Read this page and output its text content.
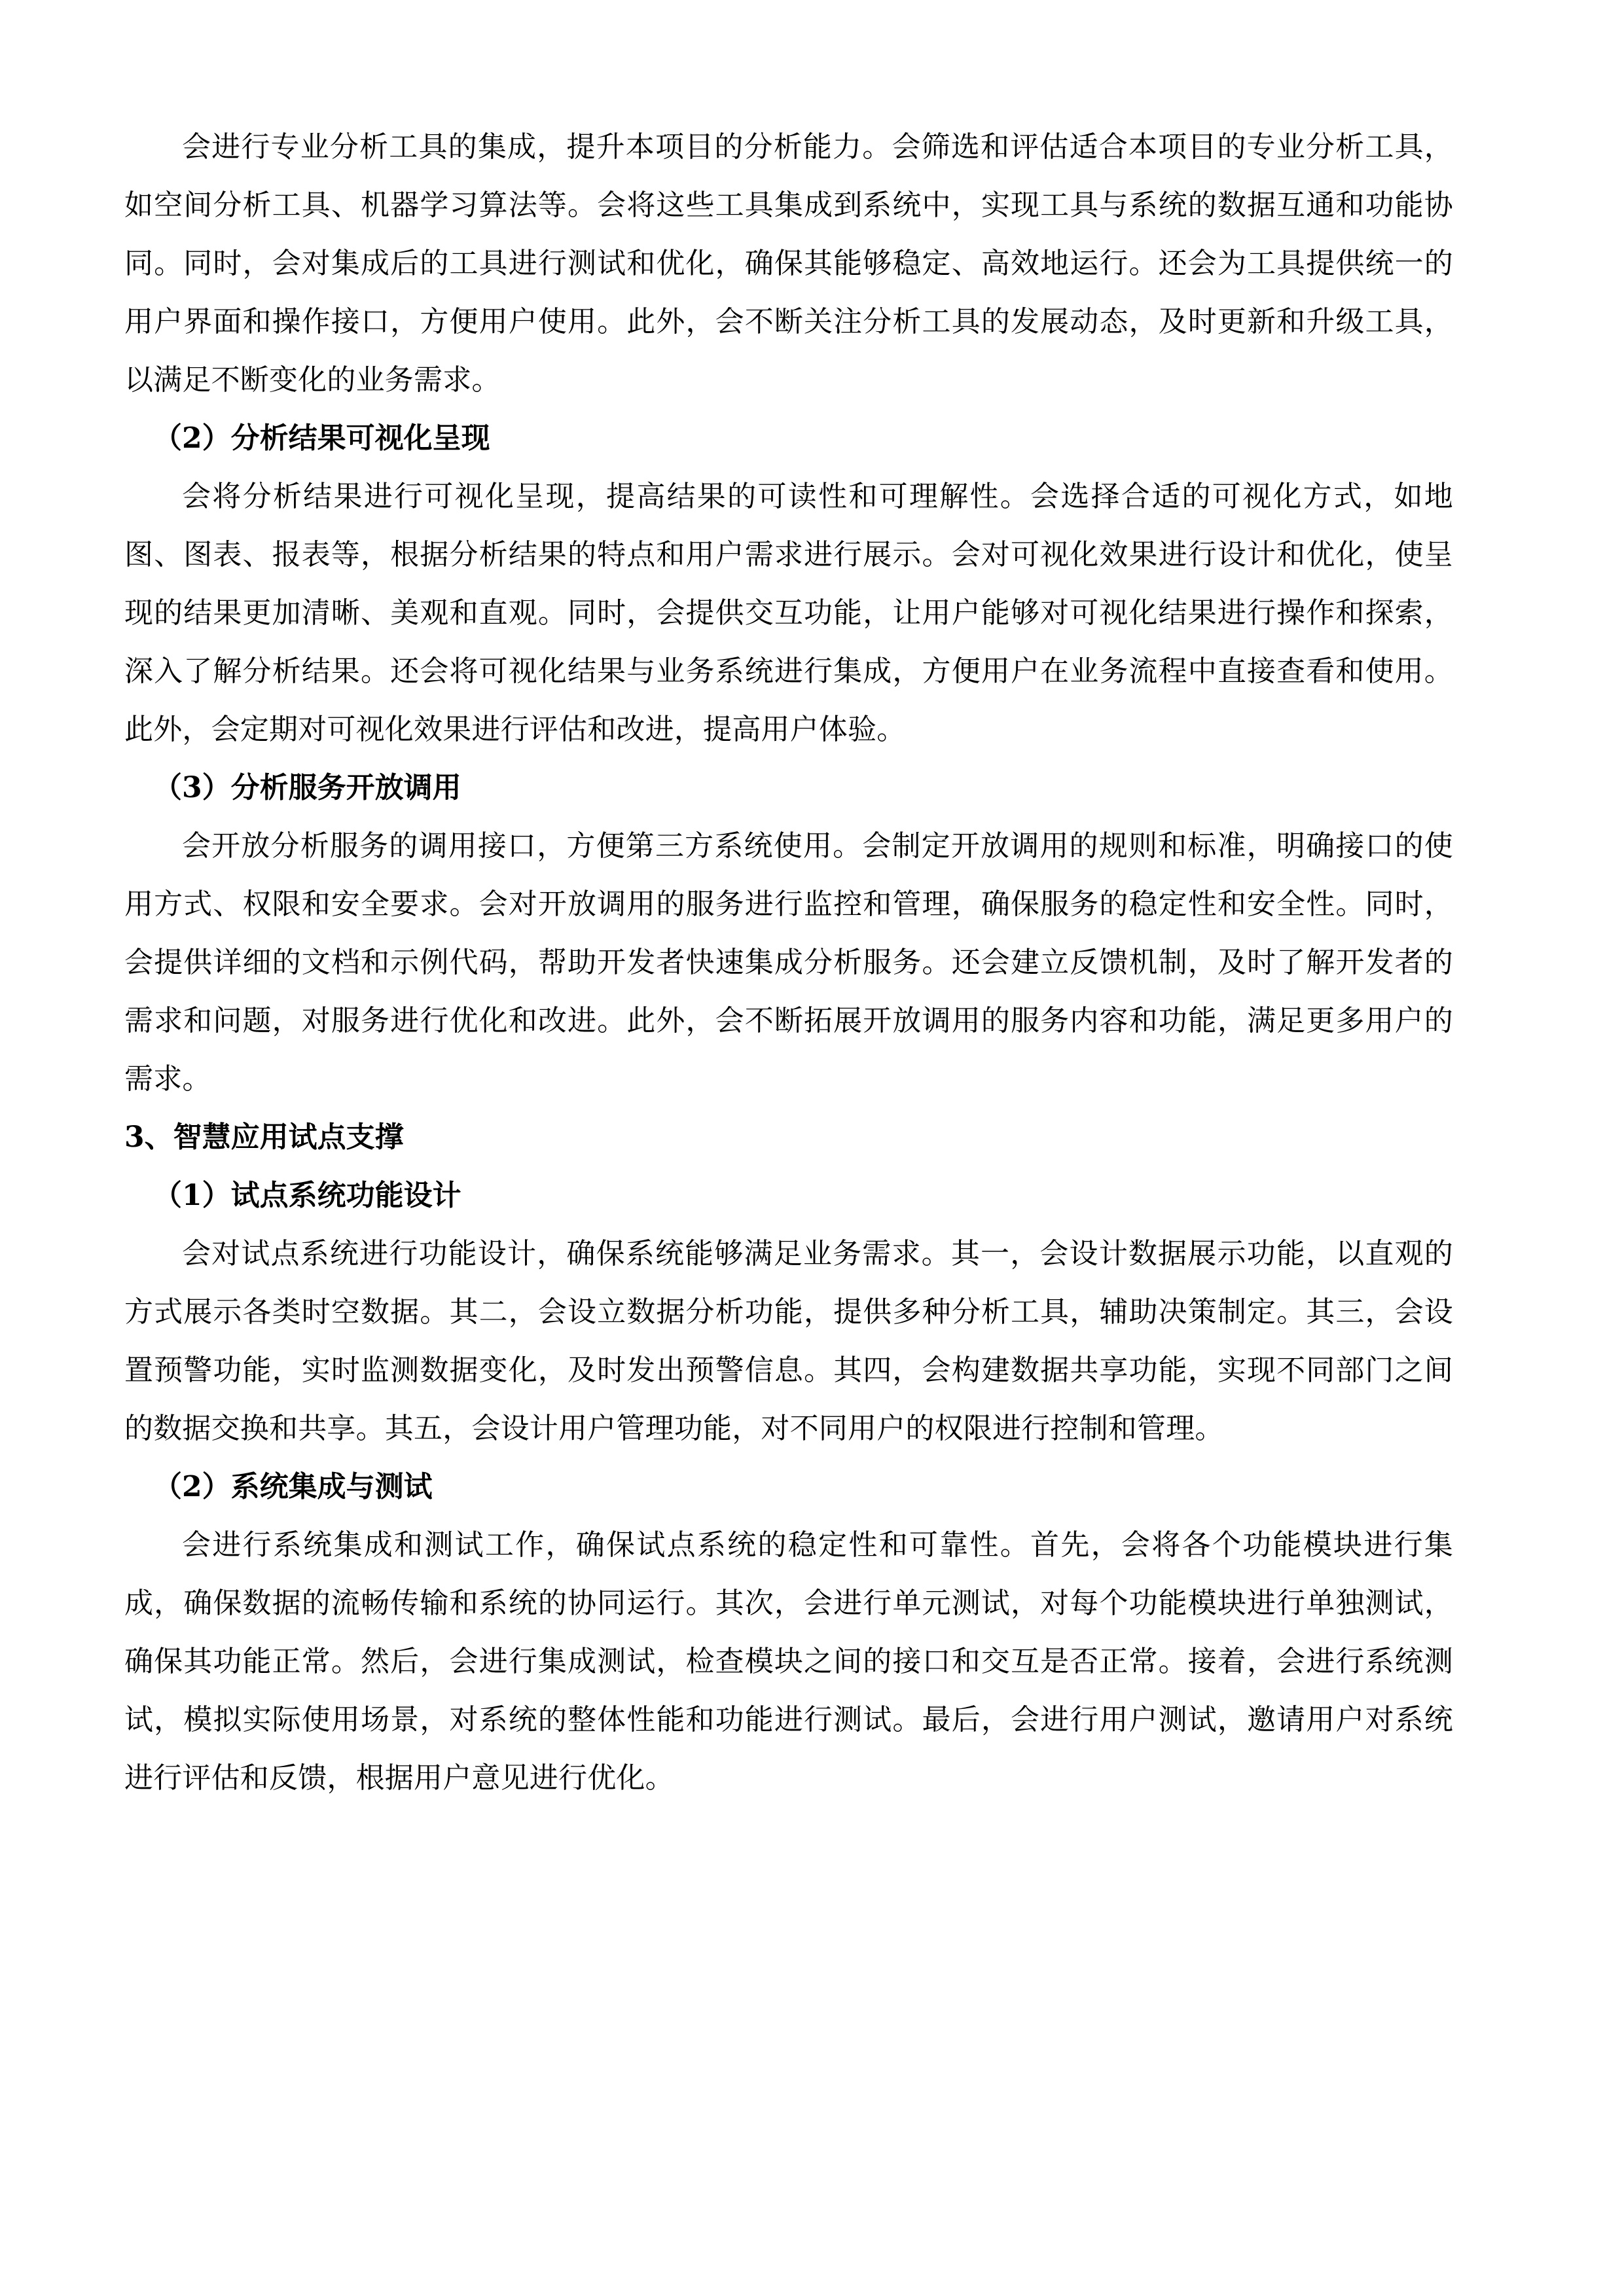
会进行专业分析工具的集成，提升本项目的分析能力。会筛选和评估适合本项目的专业分析工具，如空间分析工具、机器学习算法等。会将这些工具集成到系统中，实现工具与系统的数据互通和功能协同。同时，会对集成后的工具进行测试和优化，确保其能够稳定、高效地运行。还会为工具提供统一的用户界面和操作接口，方便用户使用。此外，会不断关注分析工具的发展动态，及时更新和升级工具，以满足不断变化的业务需求。

（2）分析结果可视化呈现

会将分析结果进行可视化呈现，提高结果的可读性和可理解性。会选择合适的可视化方式，如地图、图表、报表等，根据分析结果的特点和用户需求进行展示。会对可视化效果进行设计和优化，使呈现的结果更加清晰、美观和直观。同时，会提供交互功能，让用户能够对可视化结果进行操作和探索，深入了解分析结果。还会将可视化结果与业务系统进行集成，方便用户在业务流程中直接查看和使用。此外，会定期对可视化效果进行评估和改进，提高用户体验。

（3）分析服务开放调用

会开放分析服务的调用接口，方便第三方系统使用。会制定开放调用的规则和标准，明确接口的使用方式、权限和安全要求。会对开放调用的服务进行监控和管理，确保服务的稳定性和安全性。同时，会提供详细的文档和示例代码，帮助开发者快速集成分析服务。还会建立反馈机制，及时了解开发者的需求和问题，对服务进行优化和改进。此外，会不断拓展开放调用的服务内容和功能，满足更多用户的需求。

3、智慧应用试点支撑

（1）试点系统功能设计

会对试点系统进行功能设计，确保系统能够满足业务需求。其一，会设计数据展示功能，以直观的方式展示各类时空数据。其二，会设立数据分析功能，提供多种分析工具，辅助决策制定。其三，会设置预警功能，实时监测数据变化，及时发出预警信息。其四，会构建数据共享功能，实现不同部门之间的数据交换和共享。其五，会设计用户管理功能，对不同用户的权限进行控制和管理。

（2）系统集成与测试

会进行系统集成和测试工作，确保试点系统的稳定性和可靠性。首先，会将各个功能模块进行集成，确保数据的流畅传输和系统的协同运行。其次，会进行单元测试，对每个功能模块进行单独测试，确保其功能正常。然后，会进行集成测试，检查模块之间的接口和交互是否正常。接着，会进行系统测试，模拟实际使用场景，对系统的整体性能和功能进行测试。最后，会进行用户测试，邀请用户对系统进行评估和反馈，根据用户意见进行优化。
